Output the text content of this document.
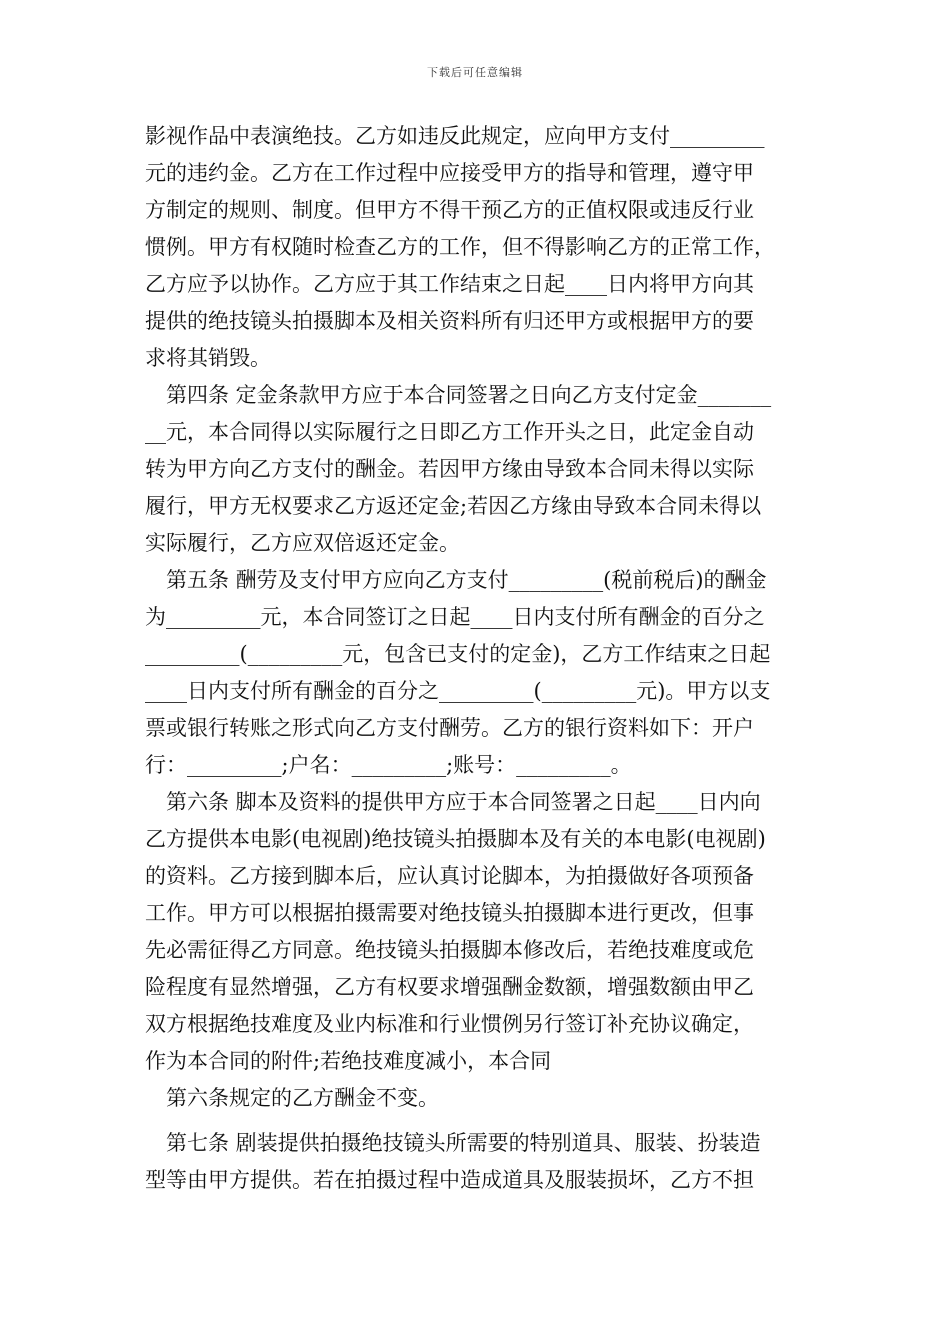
下载后可任意编辑
影视作品中表演绝技。乙方如违反此规定，应向甲方支付_________
元的违约金。乙方在工作过程中应接受甲方的指导和管理，遵守甲
方制定的规则、制度。但甲方不得干预乙方的正值权限或违反行业
惯例。甲方有权随时检查乙方的工作，但不得影响乙方的正常工作，
乙方应予以协作。乙方应于其工作结束之日起____日内将甲方向其
提供的绝技镜头拍摄脚本及相关资料所有归还甲方或根据甲方的要
求将其销毁。
第四条 定金条款甲方应于本合同签署之日向乙方支付定金_______
__元，本合同得以实际履行之日即乙方工作开头之日，此定金自动
转为甲方向乙方支付的酬金。若因甲方缘由导致本合同未得以实际
履行，甲方无权要求乙方返还定金;若因乙方缘由导致本合同未得以
实际履行，乙方应双倍返还定金。
第五条 酬劳及支付甲方应向乙方支付_________(税前税后)的酬金
为_________元，本合同签订之日起____日内支付所有酬金的百分之
_________(_________元，包含已支付的定金)，乙方工作结束之日起
____日内支付所有酬金的百分之_________(_________元)。甲方以支
票或银行转账之形式向乙方支付酬劳。乙方的银行资料如下：开户
行：_________;户名：_________;账号：_________。
第六条 脚本及资料的提供甲方应于本合同签署之日起____日内向
乙方提供本电影(电视剧)绝技镜头拍摄脚本及有关的本电影(电视剧)
的资料。乙方接到脚本后，应认真讨论脚本，为拍摄做好各项预备
工作。甲方可以根据拍摄需要对绝技镜头拍摄脚本进行更改，但事
先必需征得乙方同意。绝技镜头拍摄脚本修改后，若绝技难度或危
险程度有显然增强，乙方有权要求增强酬金数额，增强数额由甲乙
双方根据绝技难度及业内标准和行业惯例另行签订补充协议确定，
作为本合同的附件;若绝技难度减小，本合同
第六条规定的乙方酬金不变。
第七条 剧装提供拍摄绝技镜头所需要的特别道具、服装、扮装造
型等由甲方提供。若在拍摄过程中造成道具及服装损坏，乙方不担
